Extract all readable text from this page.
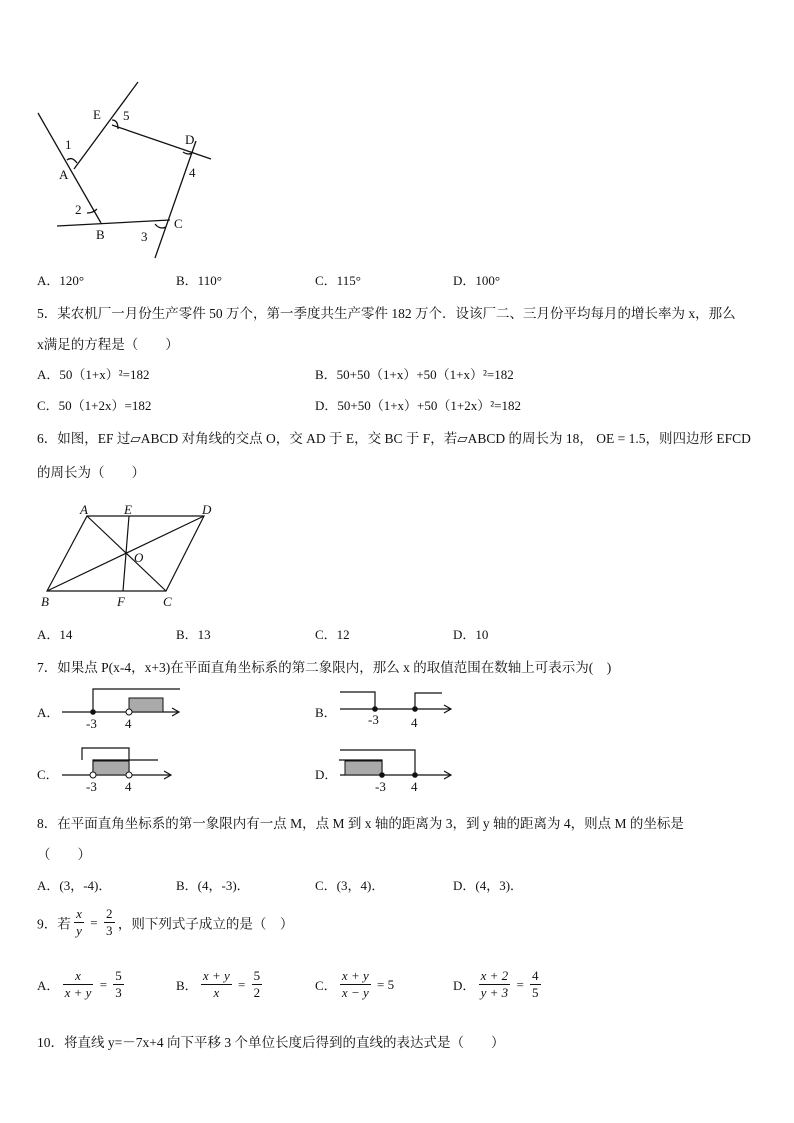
E 5
D
1
A	4
2
B
C
3
A．120°	B．110°	C．115°	D．100°
5．某农机厂一月份生产零件 50 万个，第一季度共生产零件 182 万个．设该厂二、三月份平均每月的增长率为 x，那么
x满足的方程是（　　）
A．50（1+x）²=182	B．50+50（1+x）+50（1+x）²=182
C．50（1+2x）=182	D．50+50（1+x）+50（1+2x）²=182
6．如图，EF 过▱ABCD 对角线的交点 O，交 AD 于 E，交 BC 于 F，若▱ABCD 的周长为 18， OE = 1.5，则四边形 EFCD
的周长为（　　）
A	E	D
O
B	F	C
A．14	B．13	C．12	D．10
7．如果点 P(x-4，x+3)在平面直角坐标系的第二象限内，那么 x 的取值范围在数轴上可表示为(　)
A．	B．
C．	D．
-3 4	-3 4
-3 4	-3 4
8．在平面直角坐标系的第一象限内有一点 M，点 M 到 x 轴的距离为 3，到 y 轴的距离为 4，则点 M 的坐标是
（　　）
A．(3，-4)．	B．(4，-3)．	C．(3，4)．	D．(4，3)．
9．若 $\frac{x}{y} = \frac{2}{3}$ ，则下列式子成立的是（　）
A． $\frac{x}{x + y} = \frac{5}{3}$	B． $\frac{x + y}{x} = \frac{5}{2}$	C． $\frac{x + y}{x - y} = 5$	D． $\frac{x + 2}{y + 3} = \frac{4}{5}$
10．将直线 y=－7x+4 向下平移 3 个单位长度后得到的直线的表达式是（　　）
